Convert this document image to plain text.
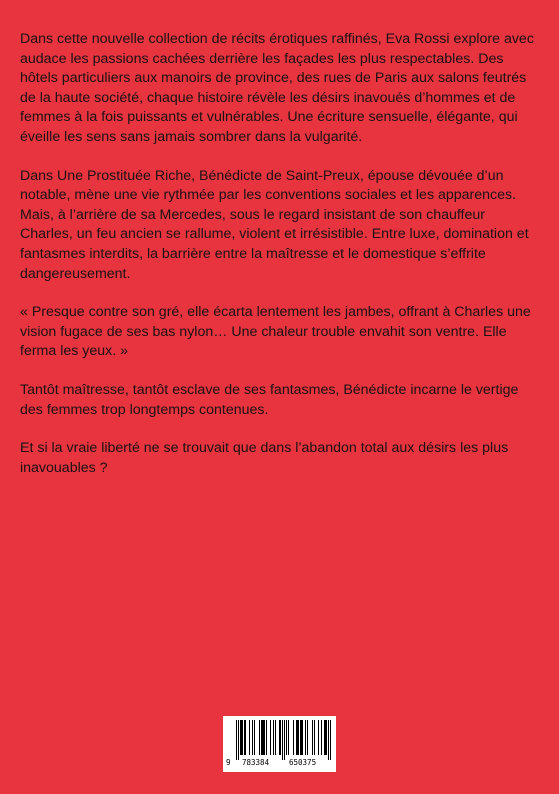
Dans cette nouvelle collection de récits érotiques raffinés, Eva Rossi explore avec audace les passions cachées derrière les façades les plus respectables. Des hôtels particuliers aux manoirs de province, des rues de Paris aux salons feutrés de la haute société, chaque histoire révèle les désirs inavoués d’hommes et de femmes à la fois puissants et vulnérables. Une écriture sensuelle, élégante, qui éveille les sens sans jamais sombrer dans la vulgarité.

Dans Une Prostituée Riche, Bénédicte de Saint-Preux, épouse dévouée d’un notable, mène une vie rythmée par les conventions sociales et les apparences. Mais, à l’arrière de sa Mercedes, sous le regard insistant de son chauffeur Charles, un feu ancien se rallume, violent et irrésistible. Entre luxe, domination et fantasmes interdits, la barrière entre la maîtresse et le domestique s’effrite dangereusement.

« Presque contre son gré, elle écarta lentement les jambes, offrant à Charles une vision fugace de ses bas nylon… Une chaleur trouble envahit son ventre. Elle ferma les yeux. »

Tantôt maîtresse, tantôt esclave de ses fantasmes, Bénédicte incarne le vertige des femmes trop longtemps contenues.

Et si la vraie liberté ne se trouvait que dans l’abandon total aux désirs les plus inavouables ?

9 783384	650375
